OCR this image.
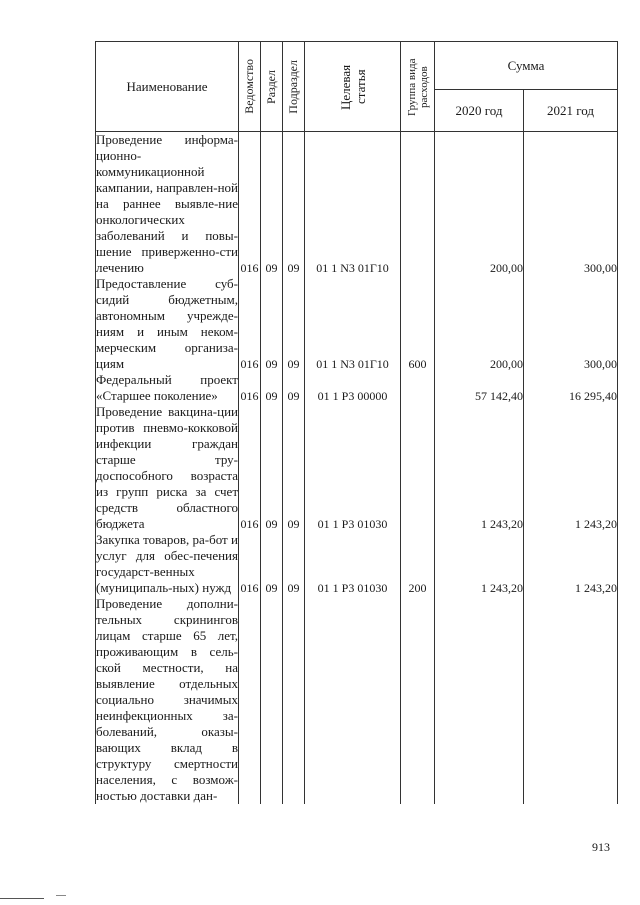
Наименование	Ведомство	Раздел	Подраздел	Целевая статья	Группа вида расходов	Сумма	
						2020 год	2021 год
Проведение информа-ционно-коммуникационной кампании, направлен-ной на раннее выявле-ние онкологических заболеваний и повы-шение приверженно-сти лечению	016	09	09	01 1 N3 01Г10		200,00	300,00
Предоставление суб-сидий бюджетным, автономным учрежде-ниям и иным неком-мерческим организа-циям	016	09	09	01 1 N3 01Г10	600	200,00	300,00
Федеральный проект «Старшее поколение»	016	09	09	01 1 P3 00000		57 142,40	16 295,40
Проведение вакцина-ции против пневмо-кокковой инфекции граждан старше тру-доспособного возраста из групп риска за счет средств областного бюджета	016	09	09	01 1 P3 01030		1 243,20	1 243,20
Закупка товаров, ра-бот и услуг для обес-печения государст-венных (муниципаль-ных) нужд	016	09	09	01 1 P3 01030	200	1 243,20	1 243,20
Проведение дополни-тельных скринингов лицам старше 65 лет, проживающим в сель-ской местности, на выявление отдельных социально значимых неинфекционных за-болеваний, оказы-вающих вклад в структуру смертности населения, с возмож-ностью доставки дан-							
913
